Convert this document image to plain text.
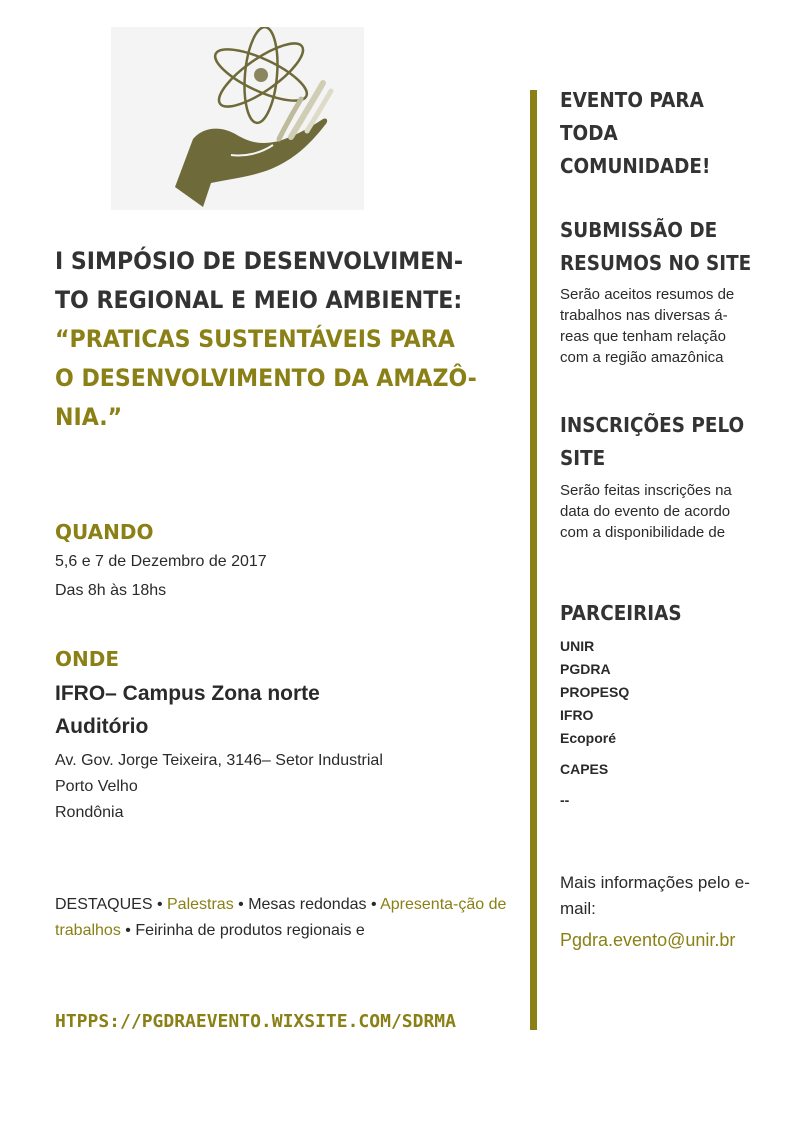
I SIMPÓSIO DE DESENVOLVIMEN-
TO REGIONAL E MEIO AMBIENTE:
“PRATICAS SUSTENTÁVEIS PARA
O DESENVOLVIMENTO DA AMAZÔ-
NIA.”
QUANDO
5,6 e 7 de Dezembro de 2017
Das 8h às 18hs
ONDE
IFRO– Campus Zona norte
Auditório
Av. Gov. Jorge Teixeira, 3146– Setor Industrial
Porto Velho
Rondônia
DESTAQUES • Palestras • Mesas redondas • Apresenta-ção de trabalhos • Feirinha de produtos regionais e
HTPPS://PGDRAEVENTO.WIXSITE.COM/SDRMA
EVENTO PARA
TODA
COMUNIDADE!
SUBMISSÃO DE
RESUMOS NO SITE
Serão aceitos resumos de
trabalhos nas diversas á-
reas que tenham relação
com a região amazônica
INSCRIÇÕES PELO
SITE
Serão feitas inscrições na
data do evento de acordo
com a disponibilidade de
PARCEIRIAS
UNIR
PGDRA
PROPESQ
IFRO
Ecoporé
CAPES
--
Mais informações pelo e-mail:
Pgdra.evento@unir.br
